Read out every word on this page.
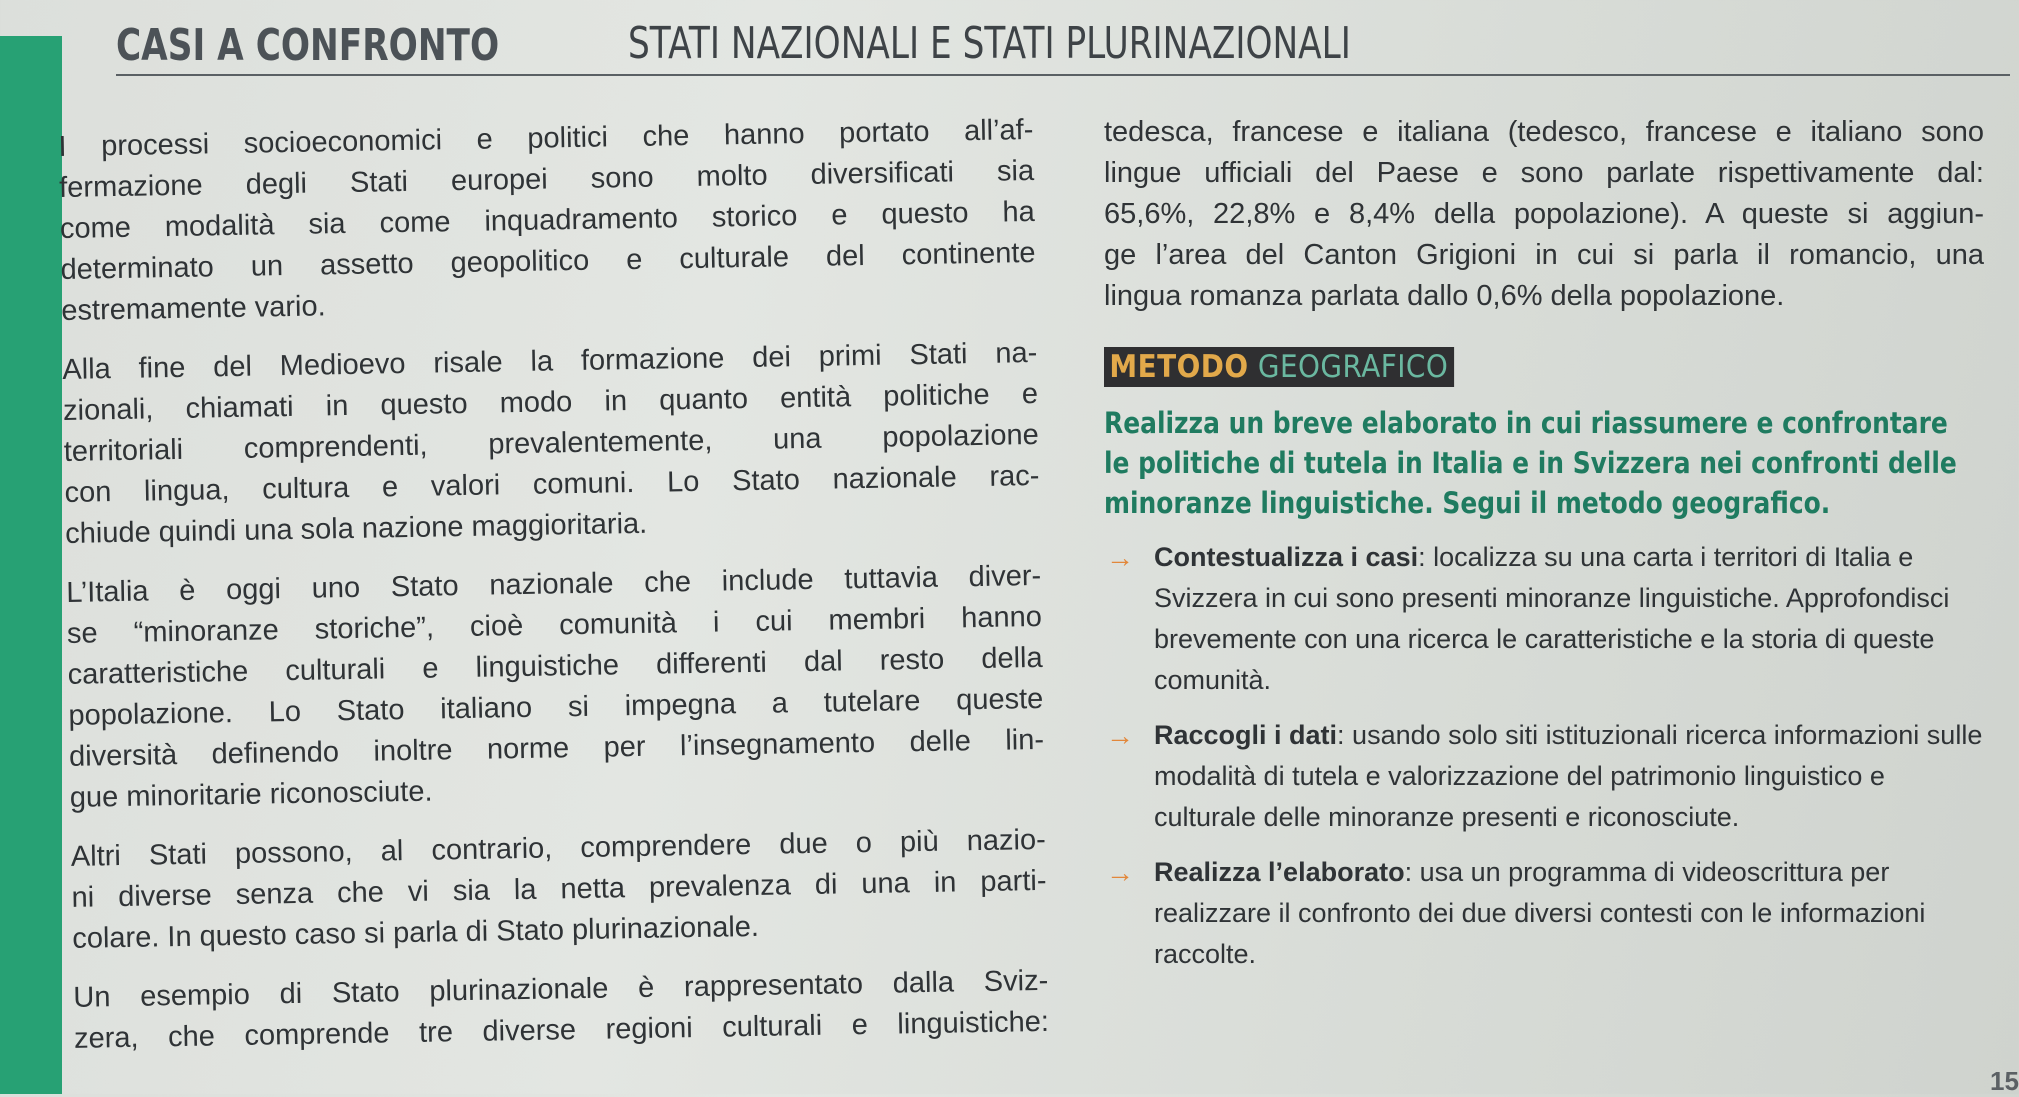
CASI A CONFRONTO	STATI NAZIONALI E STATI PLURINAZIONALI

I processi socioeconomici e politici che hanno portato all’af-
fermazione degli Stati europei sono molto diversificati sia
come modalità sia come inquadramento storico e questo ha
determinato un assetto geopolitico e culturale del continente
estremamente vario.

Alla fine del Medioevo risale la formazione dei primi Stati na-
zionali, chiamati in questo modo in quanto entità politiche e
territoriali comprendenti, prevalentemente, una popolazione
con lingua, cultura e valori comuni. Lo Stato nazionale rac-
chiude quindi una sola nazione maggioritaria.

L’Italia è oggi uno Stato nazionale che include tuttavia diver-
se “minoranze storiche”, cioè comunità i cui membri hanno
caratteristiche culturali e linguistiche differenti dal resto della
popolazione. Lo Stato italiano si impegna a tutelare queste
diversità definendo inoltre norme per l’insegnamento delle lin-
gue minoritarie riconosciute.

Altri Stati possono, al contrario, comprendere due o più nazio-
ni diverse senza che vi sia la netta prevalenza di una in parti-
colare. In questo caso si parla di Stato plurinazionale.

Un esempio di Stato plurinazionale è rappresentato dalla Sviz-
zera, che comprende tre diverse regioni culturali e linguistiche:

tedesca, francese e italiana (tedesco, francese e italiano sono
lingue ufficiali del Paese e sono parlate rispettivamente dal:
65,6%, 22,8% e 8,4% della popolazione). A queste si aggiun-
ge l’area del Canton Grigioni in cui si parla il romancio, una
lingua romanza parlata dallo 0,6% della popolazione.

METODO GEOGRAFICO
Realizza un breve elaborato in cui riassumere e confrontare
le politiche di tutela in Italia e in Svizzera nei confronti delle
minoranze linguistiche. Segui il metodo geografico.
→ Contestualizza i casi: localizza su una carta i territori di Italia e Svizzera in cui sono presenti minoranze linguistiche. Approfondisci brevemente con una ricerca le caratteristiche e la storia di queste comunità.
→ Raccogli i dati: usando solo siti istituzionali ricerca informazioni sulle modalità di tutela e valorizzazione del patrimonio linguistico e culturale delle minoranze presenti e riconosciute.
→ Realizza l’elaborato: usa un programma di videoscrittura per realizzare il confronto dei due diversi contesti con le informazioni raccolte.
15
